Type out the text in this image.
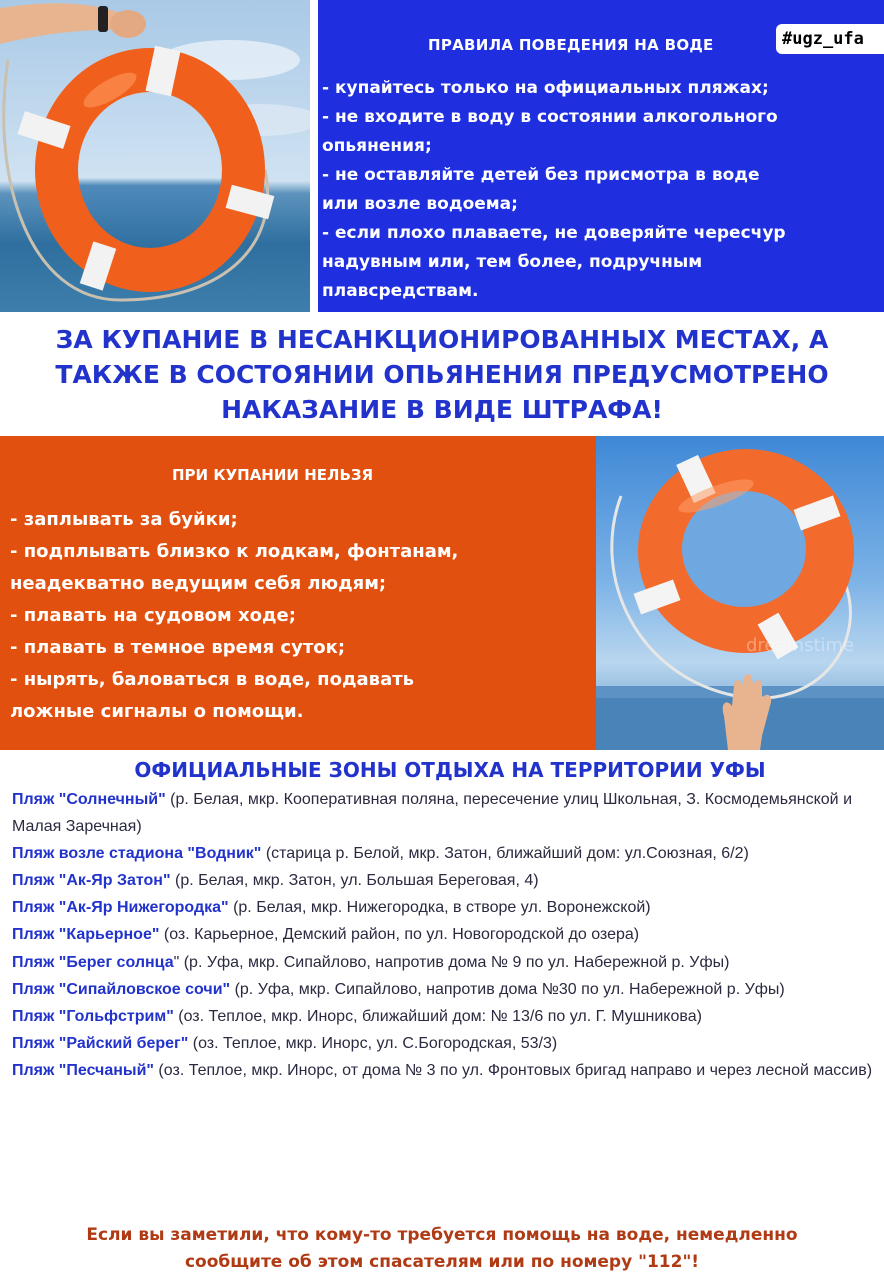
ПРАВИЛА ПОВЕДЕНИЯ НА ВОДЕ
- купайтесь только на официальных пляжах;
- не входите в воду в состоянии алкогольного
опьянения;
- не оставляйте детей без присмотра в воде
или возле водоема;
- если плохо плаваете, не доверяйте чересчур
надувным или, тем более, подручным
плавсредствам.
#ugz_ufa
ЗА КУПАНИЕ В НЕСАНКЦИОНИРОВАННЫХ МЕСТАХ, А
ТАКЖЕ В СОСТОЯНИИ ОПЬЯНЕНИЯ ПРЕДУСМОТРЕНО
НАКАЗАНИЕ В ВИДЕ ШТРАФА!
ПРИ КУПАНИИ НЕЛЬЗЯ
- заплывать за буйки;
- подплывать близко к лодкам, фонтанам,
неадекватно ведущим себя людям;
- плавать на судовом ходе;
- плавать в темное время суток;
- нырять, баловаться в воде, подавать
ложные сигналы о помощи.
dreamstime
ОФИЦИАЛЬНЫЕ ЗОНЫ ОТДЫХА НА ТЕРРИТОРИИ УФЫ
Пляж "Солнечный" (р. Белая, мкр. Кооперативная поляна, пересечение улиц Школьная, З. Космодемьянской и Малая Заречная)
Пляж возле стадиона "Водник" (старица р. Белой, мкр. Затон, ближайший дом: ул.Союзная, 6/2)
Пляж "Ак-Яр Затон" (р. Белая, мкр. Затон, ул. Большая Береговая, 4)
Пляж "Ак-Яр Нижегородка" (р. Белая, мкр. Нижегородка, в створе ул. Воронежской)
Пляж "Карьерное" (оз. Карьерное, Демский район, по ул. Новогородской до озера)
Пляж "Берег солнца" (р. Уфа, мкр. Сипайлово, напротив дома № 9 по ул. Набережной р. Уфы)
Пляж "Сипайловское сочи" (р. Уфа, мкр. Сипайлово, напротив дома №30 по ул. Набережной р. Уфы)
Пляж "Гольфстрим" (оз. Теплое, мкр. Инорс, ближайший дом: № 13/6 по ул. Г. Мушникова)
Пляж "Райский берег" (оз. Теплое, мкр. Инорс, ул. С.Богородская, 53/3)
Пляж "Песчаный" (оз. Теплое, мкр. Инорс, от дома № 3 по ул. Фронтовых бригад направо и через лесной массив)
Если вы заметили, что кому-то требуется помощь на воде, немедленно
сообщите об этом спасателям или по номеру "112"!
